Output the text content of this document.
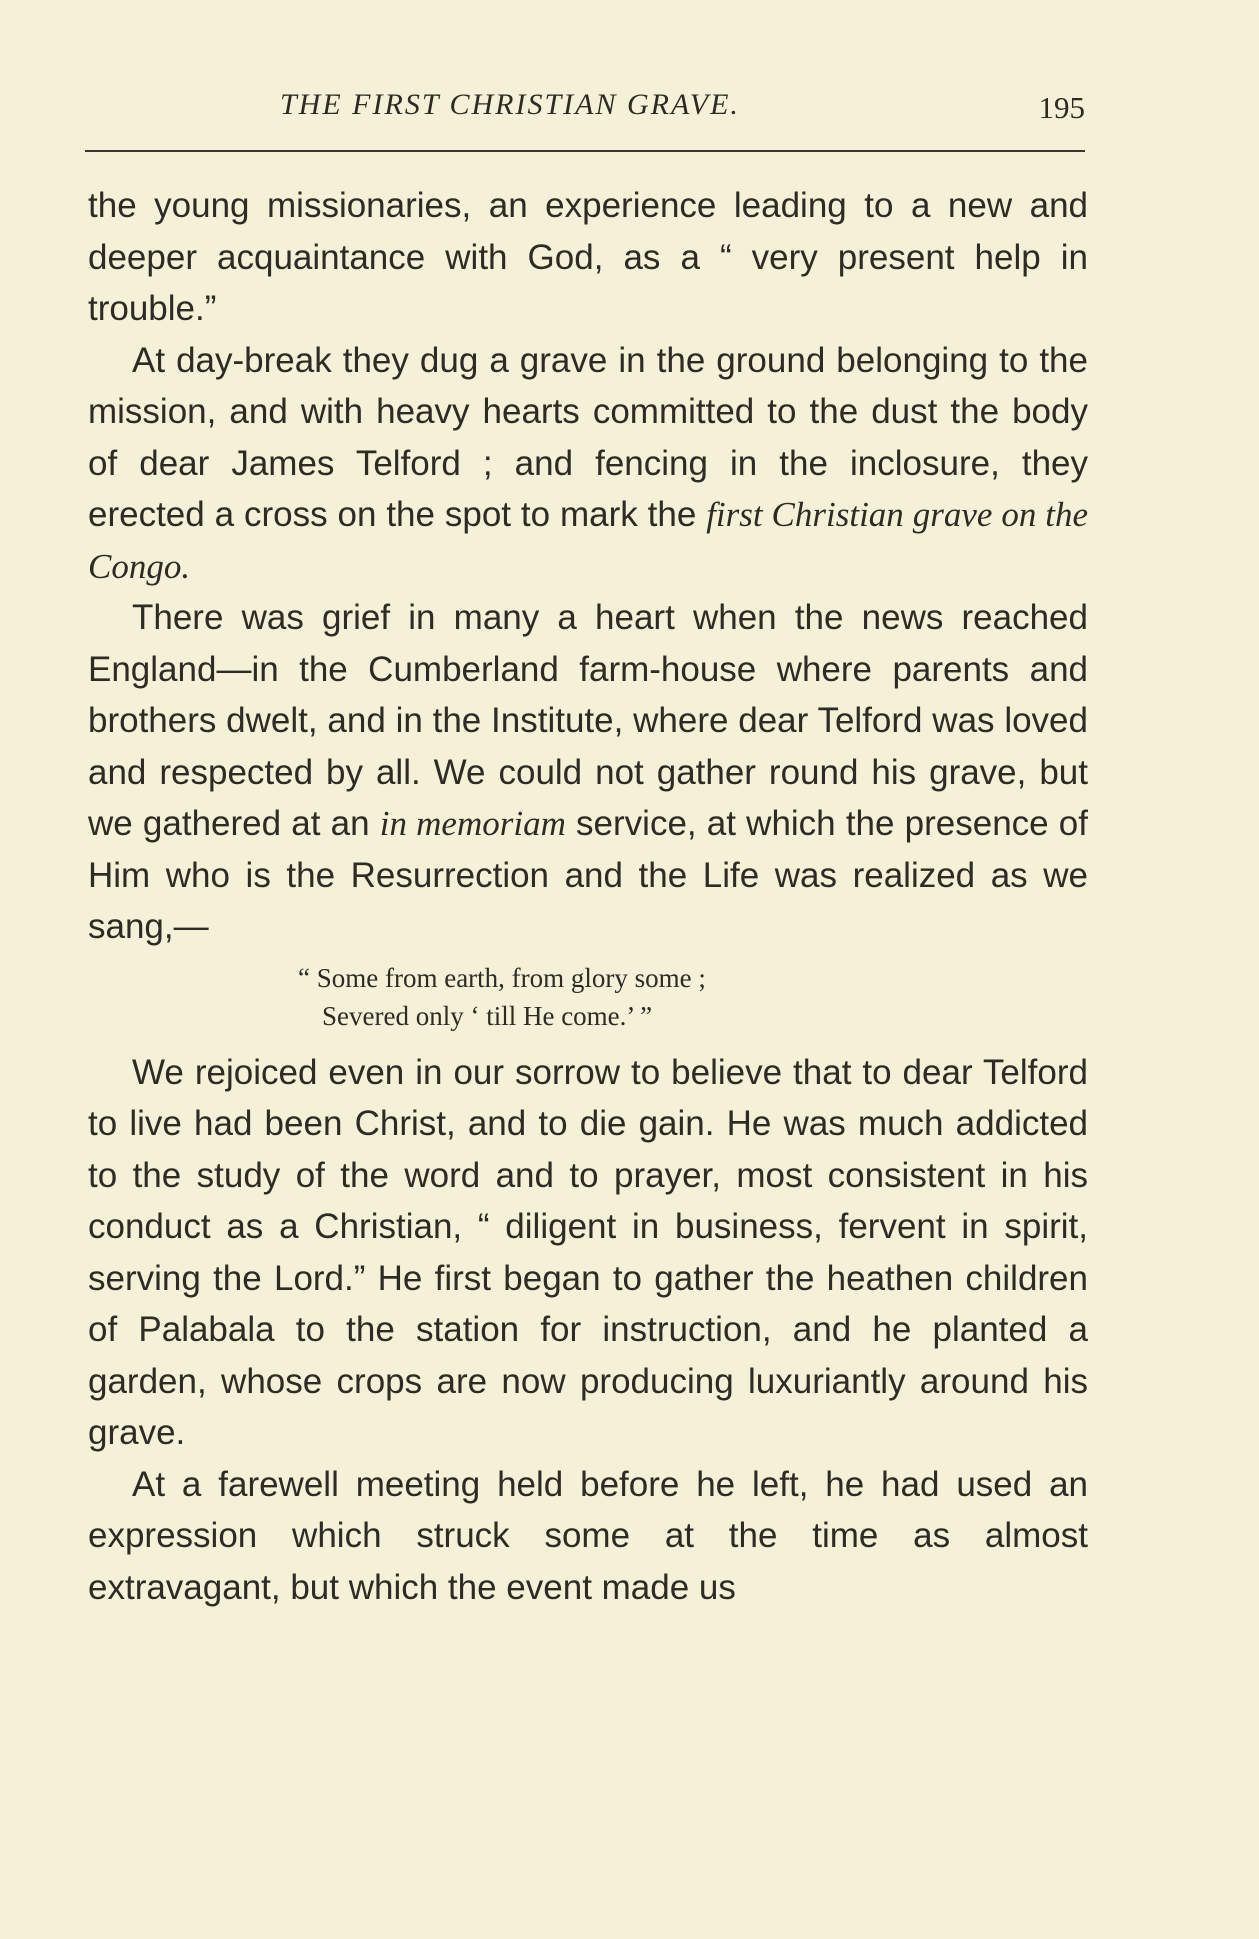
THE FIRST CHRISTIAN GRAVE.	195

the young missionaries, an experience leading to a new and deeper acquaintance with God, as a “ very present help in trouble.”

At day-break they dug a grave in the ground belonging to the mission, and with heavy hearts committed to the dust the body of dear James Telford ; and fencing in the inclosure, they erected a cross on the spot to mark the first Christian grave on the Congo.

There was grief in many a heart when the news reached England—in the Cumberland farm-house where parents and brothers dwelt, and in the Institute, where dear Telford was loved and respected by all. We could not gather round his grave, but we gathered at an in memoriam service, at which the presence of Him who is the Resurrection and the Life was realized as we sang,—

“ Some from earth, from glory some ;
Severed only ‘ till He come.’ ”

We rejoiced even in our sorrow to believe that to dear Telford to live had been Christ, and to die gain. He was much addicted to the study of the word and to prayer, most consistent in his conduct as a Christian, “ diligent in business, fervent in spirit, serving the Lord.” He first began to gather the heathen children of Palabala to the station for instruction, and he planted a garden, whose crops are now producing luxuriantly around his grave.

At a farewell meeting held before he left, he had used an expression which struck some at the time as almost extravagant, but which the event made us
